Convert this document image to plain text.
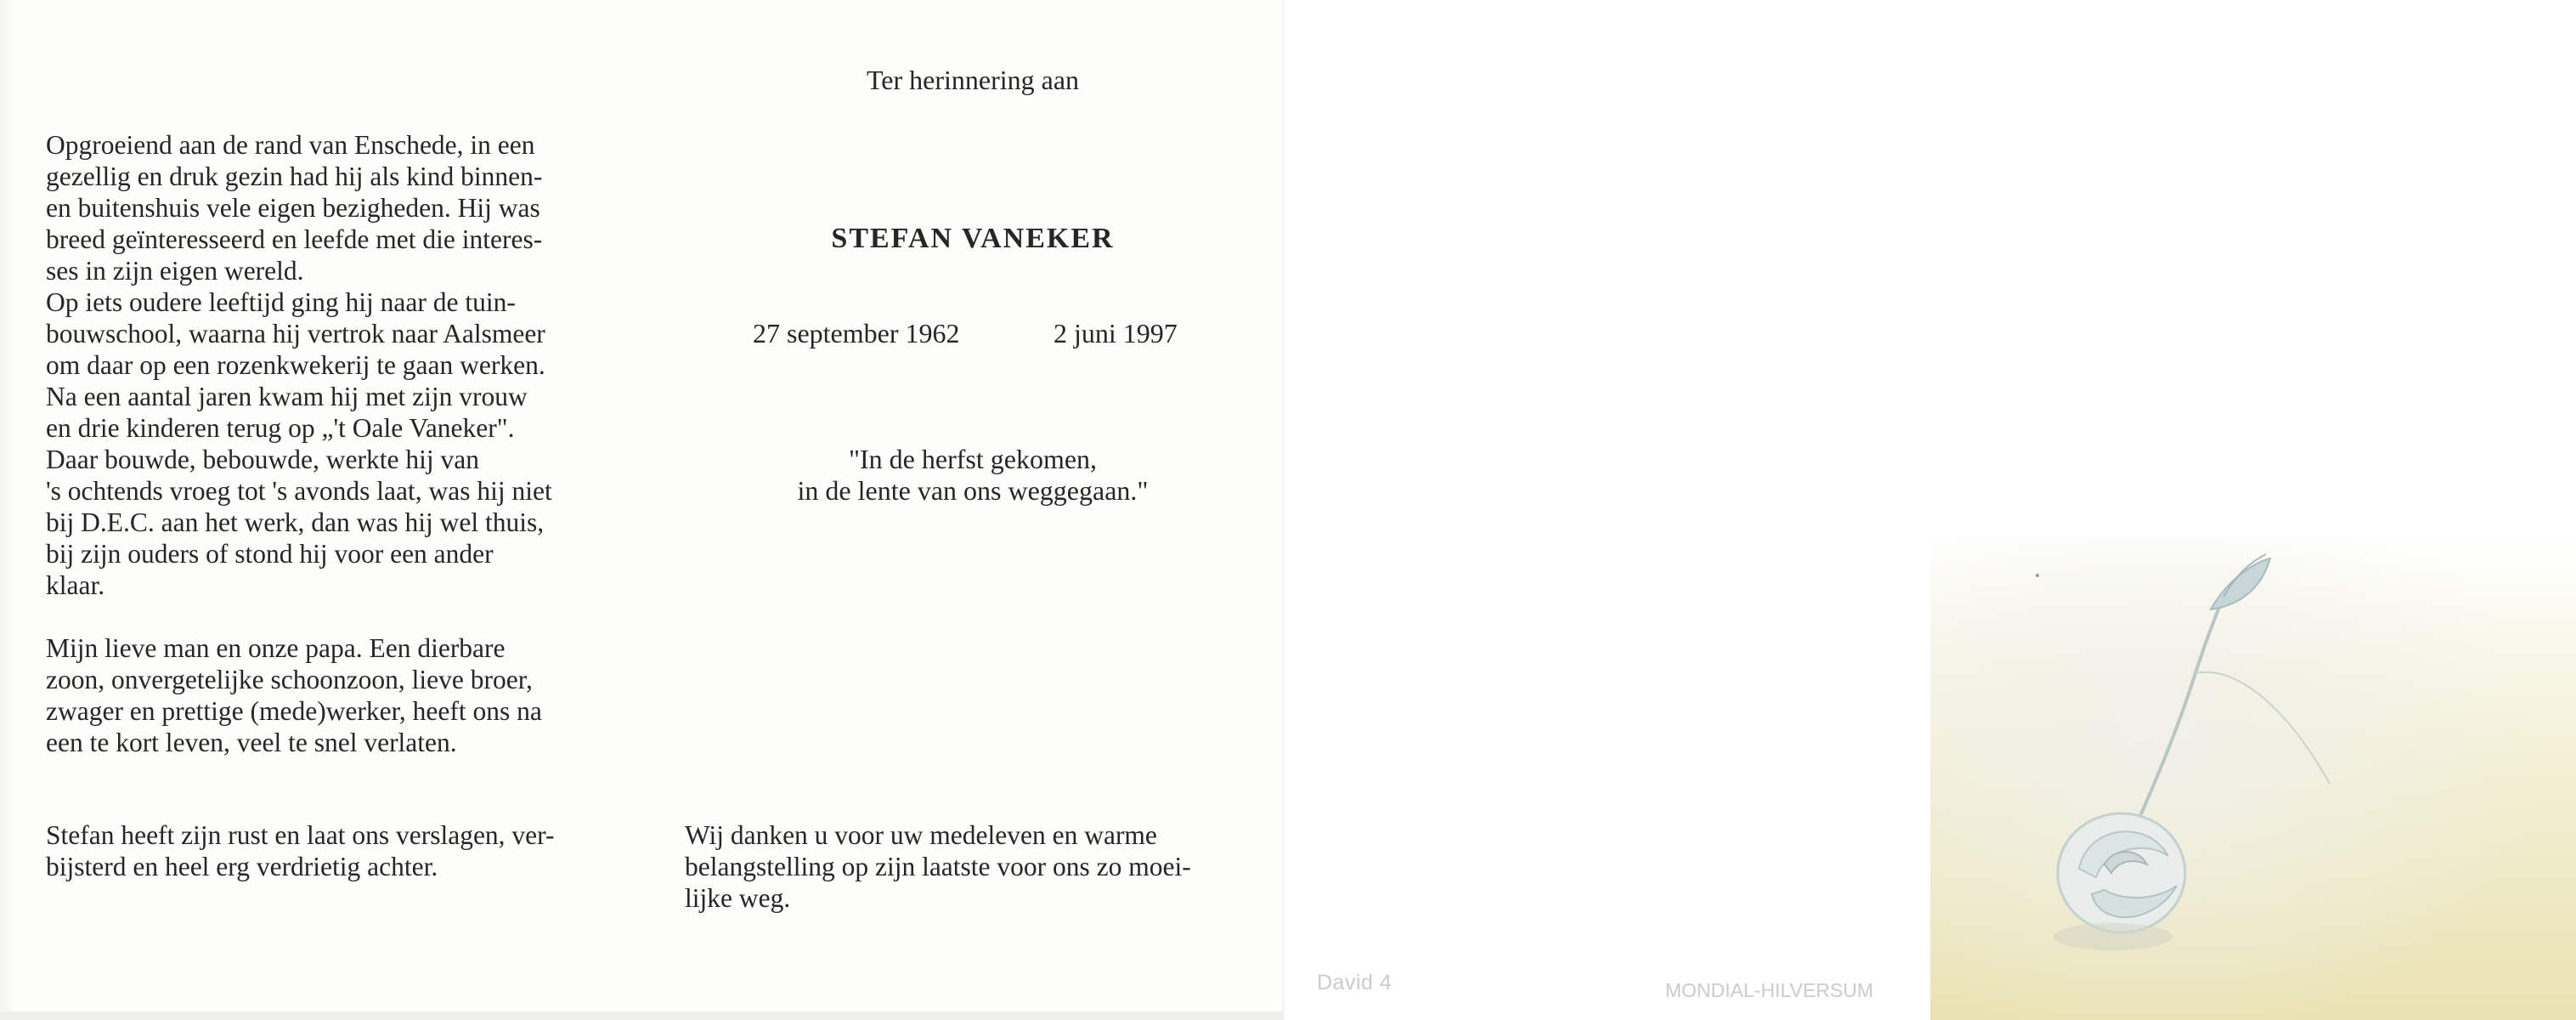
Opgroeiend aan de rand van Enschede, in een
gezellig en druk gezin had hij als kind binnen-
en buitenshuis vele eigen bezigheden. Hij was
breed geïnteresseerd en leefde met die interes-
ses in zijn eigen wereld.
Op iets oudere leeftijd ging hij naar de tuin-
bouwschool, waarna hij vertrok naar Aalsmeer
om daar op een rozenkwekerij te gaan werken.
Na een aantal jaren kwam hij met zijn vrouw
en drie kinderen terug op „'t Oale Vaneker".
Daar bouwde, bebouwde, werkte hij van
's ochtends vroeg tot 's avonds laat, was hij niet
bij D.E.C. aan het werk, dan was hij wel thuis,
bij zijn ouders of stond hij voor een ander
klaar.

Mijn lieve man en onze papa. Een dierbare
zoon, onvergetelijke schoonzoon, lieve broer,
zwager en prettige (mede)werker, heeft ons na
een te kort leven, veel te snel verlaten.

Stefan heeft zijn rust en laat ons verslagen, ver-
bijsterd en heel erg verdrietig achter.

Ter herinnering aan

STEFAN VANEKER

27 september 1962	2 juni 1997

"In de herfst gekomen,

in de lente van ons weggegaan."

Wij danken u voor uw medeleven en warme
belangstelling op zijn laatste voor ons zo moei-
lijke weg.

David 4	MONDIAL-HILVERSUM
